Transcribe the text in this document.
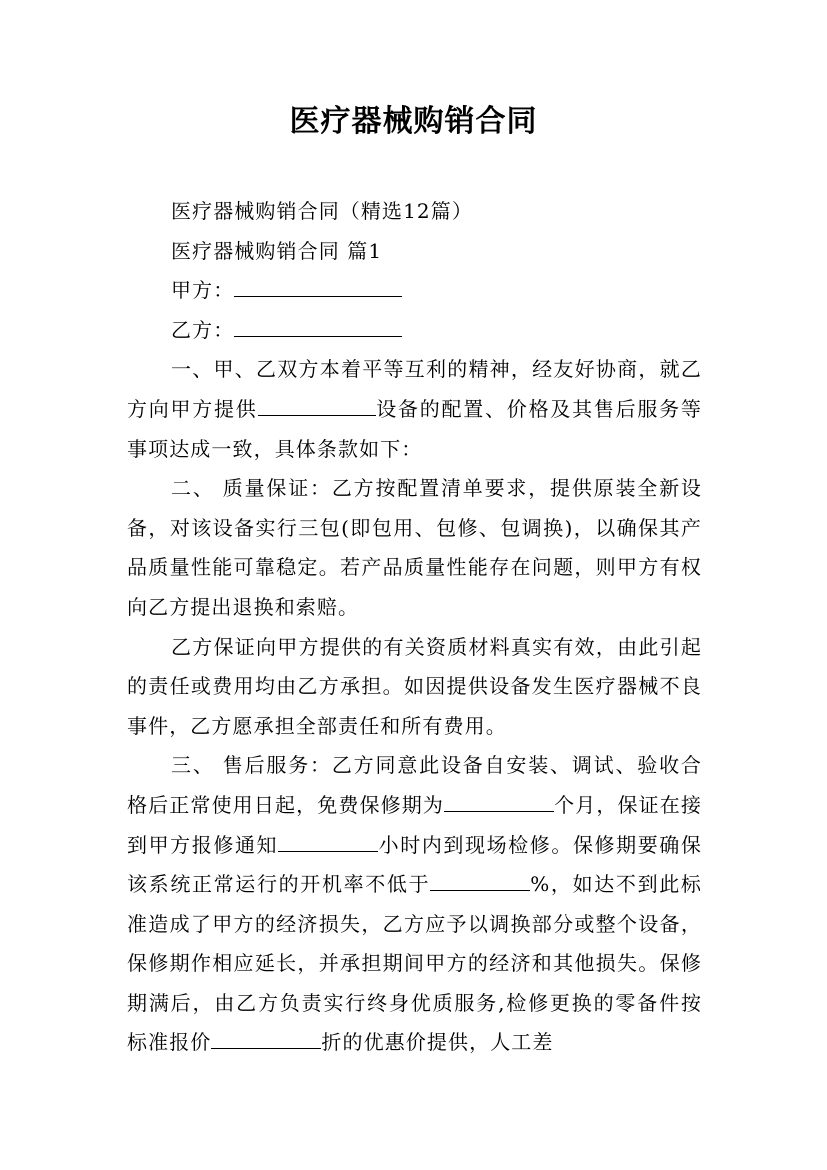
医疗器械购销合同

医疗器械购销合同（精选12篇）

医疗器械购销合同 篇1

甲方：

乙方：

一、甲、乙双方本着平等互利的精神，经友好协商，就乙方向甲方提供	设备的配置、价格及其售后服务等事项达成一致，具体条款如下：

二、 质量保证：乙方按配置清单要求，提供原装全新设备，对该设备实行三包(即包用、包修、包调换)，以确保其产品质量性能可靠稳定。若产品质量性能存在问题，则甲方有权向乙方提出退换和索赔。

乙方保证向甲方提供的有关资质材料真实有效，由此引起的责任或费用均由乙方承担。如因提供设备发生医疗器械不良事件，乙方愿承担全部责任和所有费用。

三、 售后服务：乙方同意此设备自安装、调试、验收合格后正常使用日起，免费保修期为	个月，保证在接到甲方报修通知	小时内到现场检修。保修期要确保该系统正常运行的开机率不低于	%，如达不到此标准造成了甲方的经济损失，乙方应予以调换部分或整个设备，保修期作相应延长，并承担期间甲方的经济和其他损失。保修期满后，由乙方负责实行终身优质服务,检修更换的零备件按标准报价	折的优惠价提供，人工差
